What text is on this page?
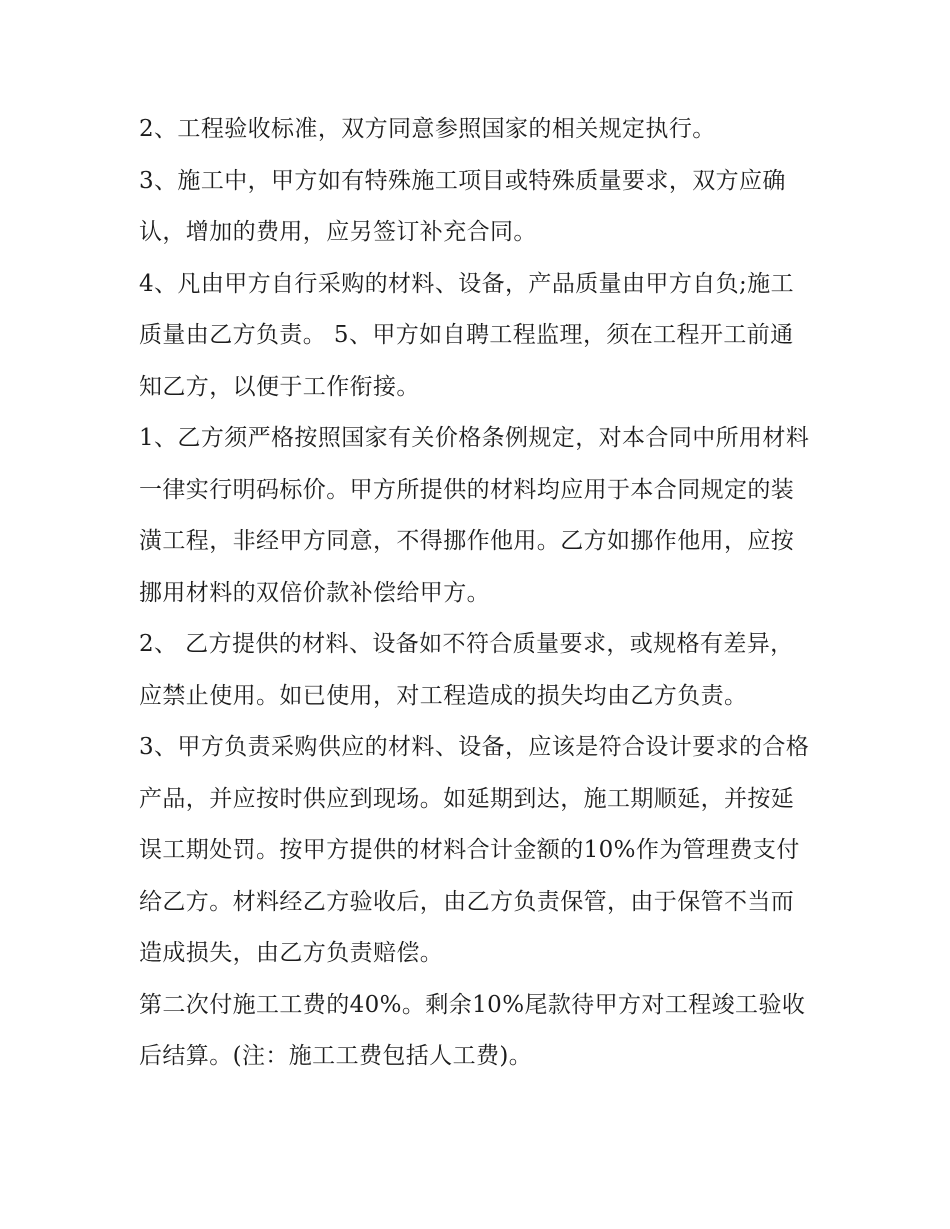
2、工程验收标准，双方同意参照国家的相关规定执行。

3、施工中，甲方如有特殊施工项目或特殊质量要求，双方应确认，增加的费用，应另签订补充合同。

4、凡由甲方自行采购的材料、设备，产品质量由甲方自负;施工质量由乙方负责。 5、甲方如自聘工程监理，须在工程开工前通知乙方，以便于工作衔接。

1、乙方须严格按照国家有关价格条例规定，对本合同中所用材料一律实行明码标价。甲方所提供的材料均应用于本合同规定的装潢工程，非经甲方同意，不得挪作他用。乙方如挪作他用，应按挪用材料的双倍价款补偿给甲方。

2、 乙方提供的材料、设备如不符合质量要求，或规格有差异，应禁止使用。如已使用，对工程造成的损失均由乙方负责。

3、甲方负责采购供应的材料、设备，应该是符合设计要求的合格产品，并应按时供应到现场。如延期到达，施工期顺延，并按延误工期处罚。按甲方提供的材料合计金额的10%作为管理费支付给乙方。材料经乙方验收后，由乙方负责保管，由于保管不当而造成损失，由乙方负责赔偿。

第二次付施工工费的40%。剩余10%尾款待甲方对工程竣工验收后结算。(注：施工工费包括人工费)。
